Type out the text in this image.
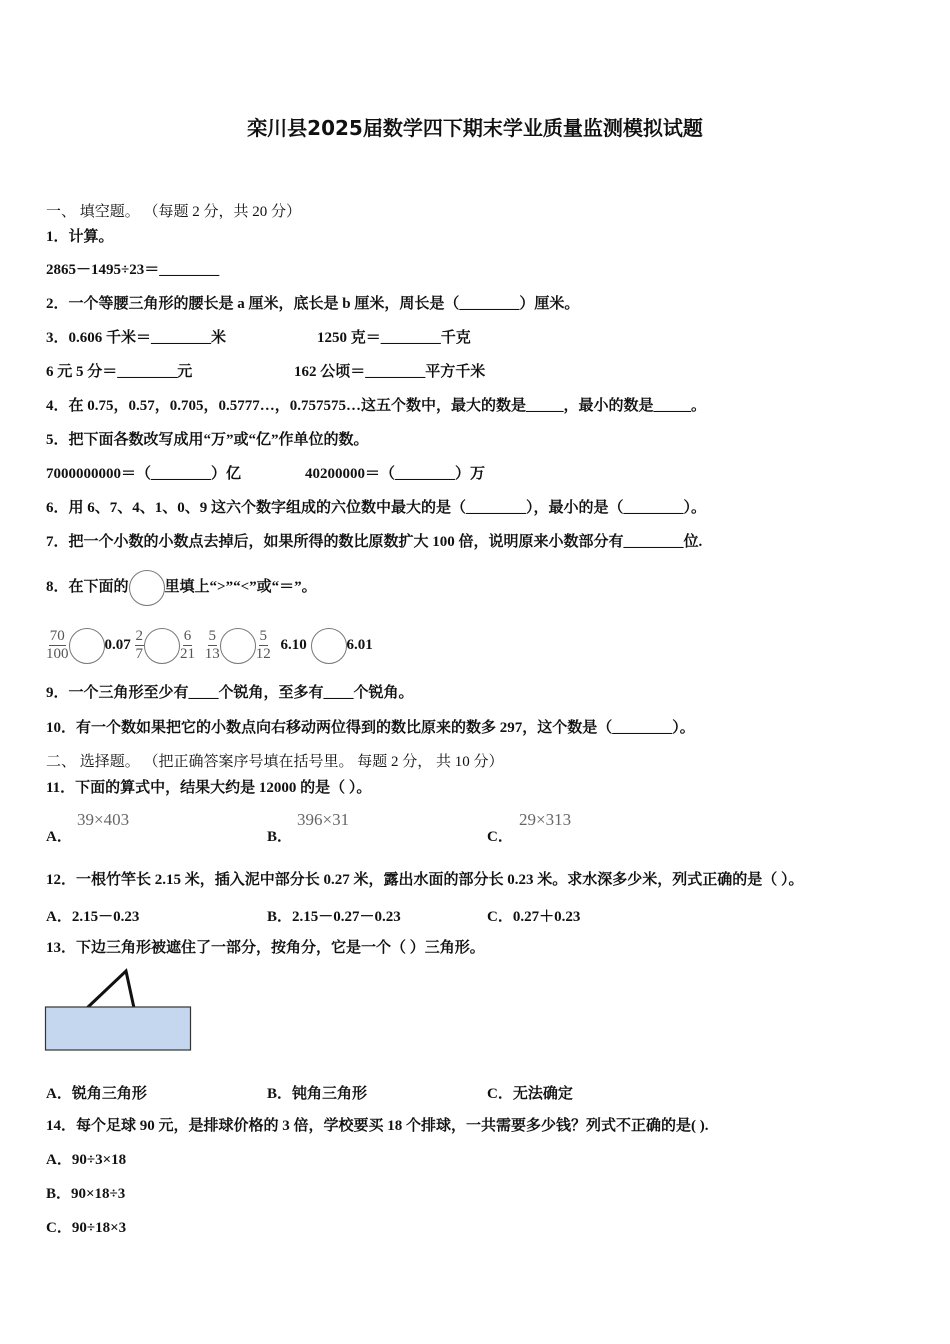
栾川县2025届数学四下期末学业质量监测模拟试题
一、 填空题。 （每题 2 分，共 20 分）
1．计算。
2865－1495÷23＝________
2．一个等腰三角形的腰长是 a 厘米，底长是 b 厘米，周长是（________）厘米。
3．0.606 千米＝________米	1250 克＝________千克
6 元 5 分＝________元	162 公顷＝________平方千米
4．在 0.75，0.57，0.705，0.5777…，0.757575…这五个数中，最大的数是_____，最小的数是_____。
5．把下面各数改写成用“万”或“亿”作单位的数。
7000000000＝（________）亿	40200000＝（________）万
6．用 6、7、4、1、0、9 这六个数字组成的六位数中最大的是（________），最小的是（________）。
7．把一个小数的小数点去掉后，如果所得的数比原数扩大 100 倍，说明原来小数部分有________位.
8．在下面的 里填上“>”“<”或“＝”。
$\frac{70}{100} 0.07 \frac{2}{7} \frac{6}{21}$
$\frac{5}{13} \frac{5}{12} 6.10$	6.01
9．一个三角形至少有____个锐角，至多有____个锐角。
10．有一个数如果把它的小数点向右移动两位得到的数比原来的数多 297，这个数是（________）。
二、 选择题。 （把正确答案序号填在括号里。 每题 2 分， 共 10 分）
11．下面的算式中，结果大约是 12000 的是（ ）。
A．
39×403
B．
396×31
C．
29×313
12．一根竹竿长 2.15 米，插入泥中部分长 0.27 米，露出水面的部分长 0.23 米。求水深多少米，列式正确的是（ ）。
A．2.15－0.23	B．2.15－0.27－0.23	C．0.27＋0.23
13．下边三角形被遮住了一部分，按角分，它是一个（ ）三角形。
A．锐角三角形	B．钝角三角形	C．无法确定
14．每个足球 90 元，是排球价格的 3 倍，学校要买 18 个排球，一共需要多少钱？列式不正确的是( ).
A．90÷3×18
B．90×18÷3
C．90÷18×3
